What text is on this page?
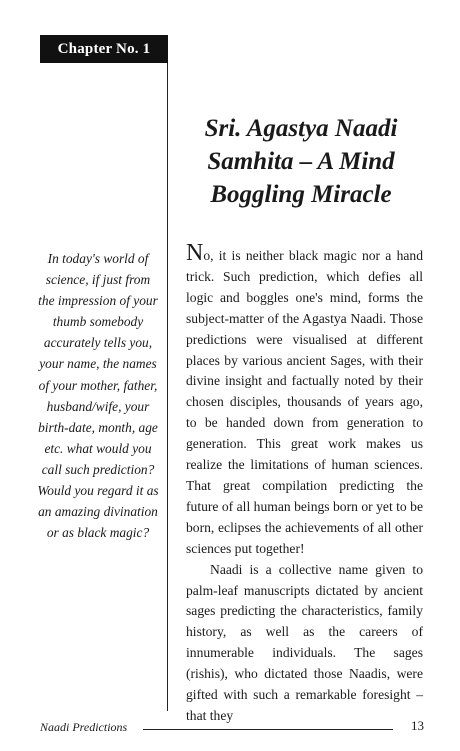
Chapter No. 1
Sri. Agastya Naadi Samhita – A Mind Boggling Miracle
In today's world of science, if just from the impression of your thumb somebody accurately tells you, your name, the names of your mother, father, husband/wife, your birth-date, month, age etc. what would you call such prediction? Would you regard it as an amazing divination or as black magic?

No, it is neither black magic nor a hand trick. Such prediction, which defies all logic and boggles one's mind, forms the subject-matter of the Agastya Naadi. Those predictions were visualised at different places by various ancient Sages, with their divine insight and factually noted by their chosen disciples, thousands of years ago, to be handed down from generation to generation. This great work makes us realize the limitations of human sciences. That great compilation predicting the future of all human beings born or yet to be born, eclipses the achievements of all other sciences put together!

Naadi is a collective name given to palm-leaf manuscripts dictated by ancient sages predicting the characteristics, family history, as well as the careers of innumerable individuals. The sages (rishis), who dictated those Naadis, were gifted with such a remarkable foresight – that they

Naadi Predictions	13
